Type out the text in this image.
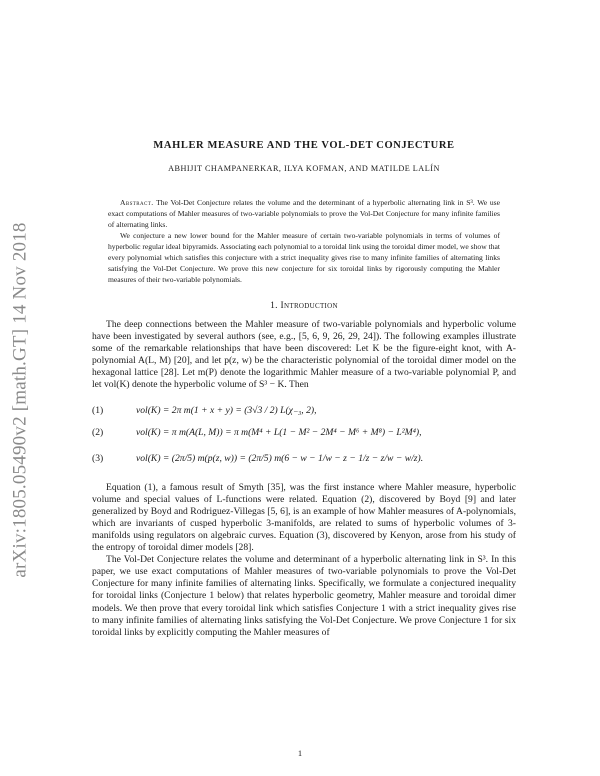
arXiv:1805.05490v2 [math.GT] 14 Nov 2018
MAHLER MEASURE AND THE VOL-DET CONJECTURE
ABHIJIT CHAMPANERKAR, ILYA KOFMAN, AND MATILDE LALÍN

Abstract. The Vol-Det Conjecture relates the volume and the determinant of a hyperbolic alternating link in S³. We use exact computations of Mahler measures of two-variable polynomials to prove the Vol-Det Conjecture for many infinite families of alternating links.

We conjecture a new lower bound for the Mahler measure of certain two-variable polynomials in terms of volumes of hyperbolic regular ideal bipyramids. Associating each polynomial to a toroidal link using the toroidal dimer model, we show that every polynomial which satisfies this conjecture with a strict inequality gives rise to many infinite families of alternating links satisfying the Vol-Det Conjecture. We prove this new conjecture for six toroidal links by rigorously computing the Mahler measures of their two-variable polynomials.

1. Introduction

The deep connections between the Mahler measure of two-variable polynomials and hyperbolic volume have been investigated by several authors (see, e.g., [5, 6, 9, 26, 29, 24]). The following examples illustrate some of the remarkable relationships that have been discovered: Let K be the figure-eight knot, with A-polynomial A(L, M) [20], and let p(z, w) be the characteristic polynomial of the toroidal dimer model on the hexagonal lattice [28]. Let m(P) denote the logarithmic Mahler measure of a two-variable polynomial P, and let vol(K) denote the hyperbolic volume of S³ − K. Then

(1)	vol(K) = 2π m(1 + x + y) = (3√3 / 2) L(χ₋₃, 2),
(2)	vol(K) = π m(A(L, M)) = π m(M⁴ + L(1 − M² − 2M⁴ − M⁶ + M⁸) − L²M⁴),
(3)	vol(K) = (2π/5) m(p(z, w)) = (2π/5) m(6 − w − 1/w − z − 1/z − z/w − w/z).

Equation (1), a famous result of Smyth [35], was the first instance where Mahler measure, hyperbolic volume and special values of L-functions were related. Equation (2), discovered by Boyd [9] and later generalized by Boyd and Rodriguez-Villegas [5, 6], is an example of how Mahler measures of A-polynomials, which are invariants of cusped hyperbolic 3-manifolds, are related to sums of hyperbolic volumes of 3-manifolds using regulators on algebraic curves. Equation (3), discovered by Kenyon, arose from his study of the entropy of toroidal dimer models [28].

The Vol-Det Conjecture relates the volume and determinant of a hyperbolic alternating link in S³. In this paper, we use exact computations of Mahler measures of two-variable polynomials to prove the Vol-Det Conjecture for many infinite families of alternating links. Specifically, we formulate a conjectured inequality for toroidal links (Conjecture 1 below) that relates hyperbolic geometry, Mahler measure and toroidal dimer models. We then prove that every toroidal link which satisfies Conjecture 1 with a strict inequality gives rise to many infinite families of alternating links satisfying the Vol-Det Conjecture. We prove Conjecture 1 for six toroidal links by explicitly computing the Mahler measures of

1
